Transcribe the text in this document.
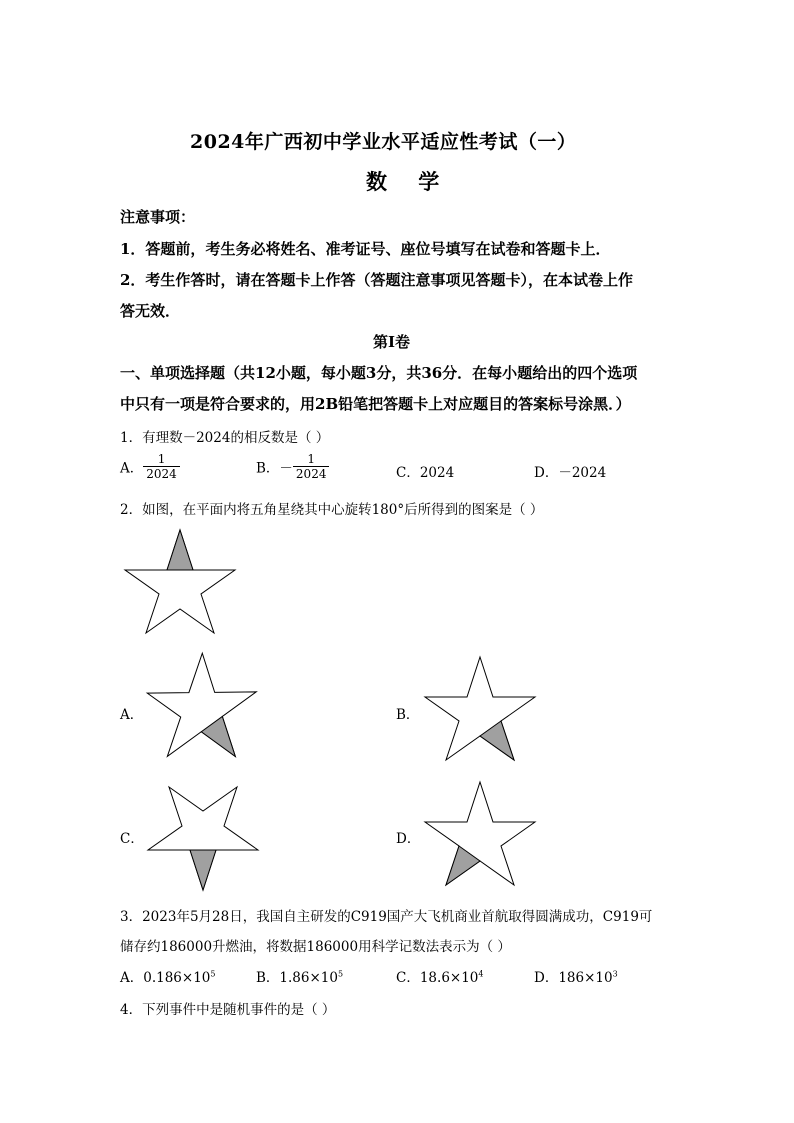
2024年广西初中学业水平适应性考试（一）
数 学
注意事项：
1．答题前，考生务必将姓名、准考证号、座位号填写在试卷和答题卡上．
2．考生作答时，请在答题卡上作答（答题注意事项见答题卡），在本试卷上作
答无效．
第Ⅰ卷
一、单项选择题（共12小题，每小题3分，共36分．在每小题给出的四个选项
中只有一项是符合要求的，用2B铅笔把答题卡上对应题目的答案标号涂黑．）
1．有理数－2024的相反数是（ ）
A． $\frac{1}{2024}$	B．－ $\frac{1}{2024}$	C．2024	D．－2024
2．如图，在平面内将五角星绕其中心旋转180°后所得到的图案是（ ）
A．	B．
C．	D．
3．2023年5月28日，我国自主研发的C919国产大飞机商业首航取得圆满成功，C919可
储存约186000升燃油，将数据186000用科学记数法表示为（ ）
A．$0.186\times 10^5$	B．$1.86\times 10^5$	C．$18.6\times 10^4$	D．$186\times 10^3$
4．下列事件中是随机事件的是（ ）
